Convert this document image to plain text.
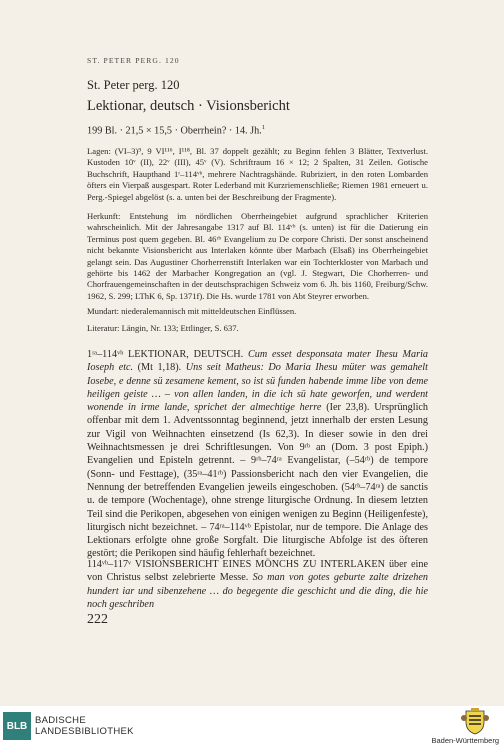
ST. PETER PERG. 120
St. Peter perg. 120
Lektionar, deutsch · Visionsbericht
199 Bl. · 21,5 × 15,5 · Oberrhein? · 14. Jh.$^1$
Lagen: (VI–3)⁹, 9 VI¹¹⁶, I¹¹⁸, Bl. 37 doppelt gezählt; zu Beginn fehlen 3 Blätter, Textverlust. Kustoden 10ᵛ (II), 22ᵛ (III), 45ᵛ (V). Schriftraum 16 × 12; 2 Spalten, 31 Zeilen. Gotische Buchschrift, Haupthand 1ʳ–114ᵛᵇ, mehrere Nachtragshände. Rubriziert, in den roten Lombarden öfters ein Vierpaß ausgespart. Roter Lederband mit Kurzriemenschließe; Riemen 1981 erneuert u. Perg.-Spiegel abgelöst (s. a. unten bei der Beschreibung der Fragmente).
Herkunft: Entstehung im nördlichen Oberrheingebiet aufgrund sprachlicher Kriterien wahrscheinlich. Mit der Jahresangabe 1317 auf Bl. 114ᵛᵇ (s. unten) ist für die Datierung ein Terminus post quem gegeben. Bl. 46ʳᵇ Evangelium zu De corpore Christi. Der sonst anscheinend nicht bekannte Visionsbericht aus Interlaken könnte über Marbach (Elsaß) ins Oberrheingebiet gelangt sein. Das Augustiner Chorherrenstift Interlaken war ein Tochterkloster von Marbach und gehörte bis 1462 der Marbacher Kongregation an (vgl. J. Stegwart, Die Chorherren- und Chorfrauengemeinschaften in der deutschsprachigen Schweiz vom 6. Jh. bis 1160, Freiburg/Schw. 1962, S. 299; LThK 6, Sp. 1371f). Die Hs. wurde 1781 von Abt Steyrer erworben.
Mundart: niederalemannisch mit mitteldeutschen Einflüssen.
Literatur: Längin, Nr. 133; Ettlinger, S. 637.
1ʳᵃ–114ᵛᵇ LEKTIONAR, DEUTSCH. Cum esset desponsata mater Ihesu Maria Ioseph etc. (Mt 1,18). Uns seit Matheus: Do Maria Ihesu müter was gemahelt Iosebe, e denne sü zesamene kement, so ist sü funden habende imme libe von deme heiligen geiste … – von allen landen, in die ich sü hate geworfen, und werdent wonende in irme lande, sprichet der almechtige herre (Ier 23,8). Ursprünglich offenbar mit dem 1. Adventssonntag beginnend, jetzt innerhalb der ersten Lesung zur Vigil von Weihnachten einsetzend (Is 62,3). In dieser sowie in den drei Weihnachtsmessen je drei Schriftlesungen. Von 9ʳᵇ an (Dom. 3 post Epiph.) Evangelien und Episteln getrennt. – 9ʳᵇ–74ʳᵃ Evangelistar, (–54ʳᵇ) de tempore (Sonn- und Festtage), (35ʳᵃ–41ʳᵇ) Passionsbericht nach den vier Evangelien, die Nennung der betreffenden Evangelien jeweils eingeschoben. (54ʳᵇ–74ʳᵃ) de sanctis u. de tempore (Wochentage), ohne strenge liturgische Ordnung. In diesem letzten Teil sind die Perikopen, abgesehen von einigen wenigen zu Beginn (Heiligenfeste), liturgisch nicht bezeichnet. – 74ʳᵃ–114ᵛᵇ Epistolar, nur de tempore. Die Anlage des Lektionars erfolgte ohne große Sorgfalt. Die liturgische Abfolge ist des öfteren gestört; die Perikopen sind häufig fehlerhaft bezeichnet.
114ᵛᵇ–117ᵛ VISIONSBERICHT EINES MÖNCHS ZU INTERLAKEN über eine von Christus selbst zelebrierte Messe. So man von gotes geburte zalte drizehen hundert iar und sibenzehene … do begegente die geschicht und die ding, die hie noch geschriben
222
BLB BADISCHE
LANDESBIBLIOTHEK
Baden-Württemberg
